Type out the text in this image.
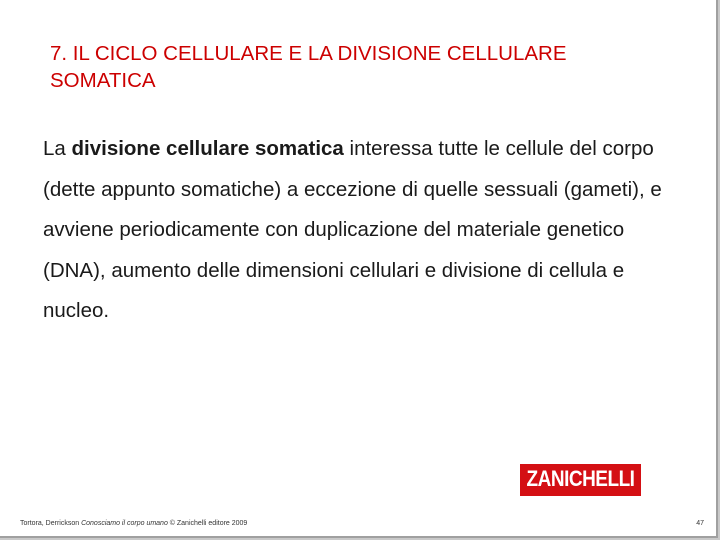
7. IL CICLO CELLULARE E LA DIVISIONE CELLULARE
SOMATICA

La divisione cellulare somatica interessa tutte le cellule del corpo (dette appunto somatiche) a eccezione di quelle sessuali (gameti), e avviene periodicamente con duplicazione del materiale genetico (DNA), aumento delle dimensioni cellulari e divisione di cellula e nucleo.

ZANICHELLI
Tortora, Derrickson Conosciamo il corpo umano © Zanichelli editore 2009	47
